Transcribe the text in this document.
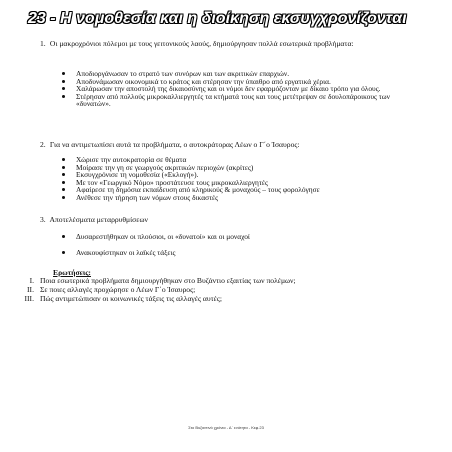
23 - Η νομοθεσία και η διοίκηση εκσυγχρονίζονται
1. Οι μακροχρόνιοι πόλεμοι με τους γειτονικούς λαούς, δημιούργησαν πολλά εσωτερικά προβλήματα:
Αποδιοργάνωσαν το στρατό των συνόρων και των ακριτικών επαρχιών.
Αποδυνάμωσαν οικονομικά το κράτος και στέρησαν την ύπαιθρο από εργατικά χέρια.
Χαλάρωσαν την αποστολή της δικαιοσύνης και οι νόμοι δεν εφαρμόζονταν με δίκαιο τρόπο για όλους.
Στέρησαν από πολλούς μικροκαλλιεργητές τα κτήματά τους και τους μετέτρεψαν σε δουλοπάροικους των «δυνατών».
2. Για να αντιμετωπίσει αυτά τα προβλήματα, ο αυτοκράτορας Λέων ο Γ΄ο Ίσαυρος:
Χώρισε την αυτοκρατορία σε θέματα
Μοίρασε την γη σε γεωργούς ακριτικών περιοχών (ακρίτες)
Εκσυγχρόνισε τη νομοθεσία («Εκλογή»).
Με τον «Γεωργικό Νόμο» προστάτευσε τους μικροκαλλιεργητές
Αφαίρεσε τη δημόσια εκπαίδευση από κληρικούς & μοναχούς – τους φορολόγησε
Ανέθεσε την τήρηση των νόμων στους δικαστές
3. Αποτελέσματα μεταρρυθμίσεων
Δυσαρεστήθηκαν οι πλούσιοι, οι «δυνατοί» και οι μοναχοί
Ανακουφίστηκαν οι λαϊκές τάξεις
Ερωτήσεις:
I. Ποια εσωτερικά προβλήματα δημιουργήθηκαν στο Βυζάντιο εξαιτίας των πολέμων;
II. Σε ποιες αλλαγές προχώρησε ο Λέων Γ΄ο Ίσαυρος;
III. Πώς αντιμετώπισαν οι κοινωνικές τάξεις τις αλλαγές αυτές;
Στο Βυζαντινό χρόνια - Δ΄ ενότητα - Κεφ.23
